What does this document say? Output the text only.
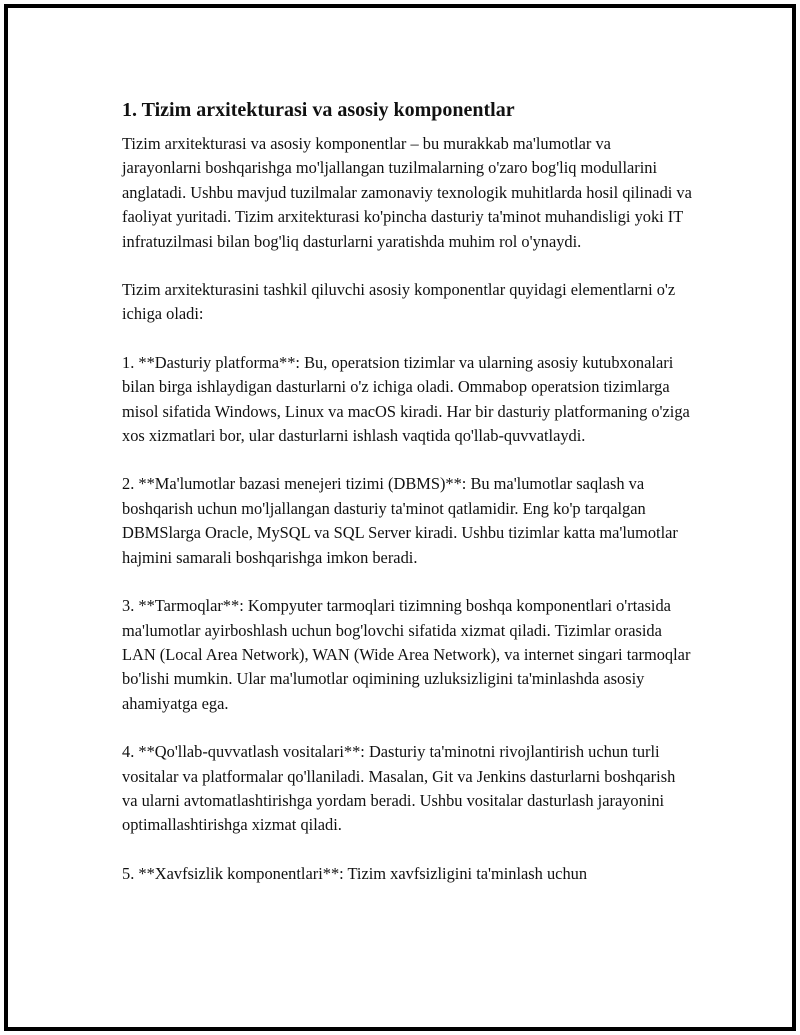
1. Tizim arxitekturasi va asosiy komponentlar

Tizim arxitekturasi va asosiy komponentlar – bu murakkab ma'lumotlar va jarayonlarni boshqarishga mo'ljallangan tuzilmalarning o'zaro bog'liq modullarini anglatadi. Ushbu mavjud tuzilmalar zamonaviy texnologik muhitlarda hosil qilinadi va faoliyat yuritadi. Tizim arxitekturasi ko'pincha dasturiy ta'minot muhandisligi yoki IT infratuzilmasi bilan bog'liq dasturlarni yaratishda muhim rol o'ynaydi.

Tizim arxitekturasini tashkil qiluvchi asosiy komponentlar quyidagi elementlarni o'z ichiga oladi:

1. **Dasturiy platforma**: Bu, operatsion tizimlar va ularning asosiy kutubxonalari bilan birga ishlaydigan dasturlarni o'z ichiga oladi. Ommabop operatsion tizimlarga misol sifatida Windows, Linux va macOS kiradi. Har bir dasturiy platformaning o'ziga xos xizmatlari bor, ular dasturlarni ishlash vaqtida qo'llab-quvvatlaydi.

2. **Ma'lumotlar bazasi menejeri tizimi (DBMS)**: Bu ma'lumotlar saqlash va boshqarish uchun mo'ljallangan dasturiy ta'minot qatlamidir. Eng ko'p tarqalgan DBMSlarga Oracle, MySQL va SQL Server kiradi. Ushbu tizimlar katta ma'lumotlar hajmini samarali boshqarishga imkon beradi.

3. **Tarmoqlar**: Kompyuter tarmoqlari tizimning boshqa komponentlari o'rtasida ma'lumotlar ayirboshlash uchun bog'lovchi sifatida xizmat qiladi. Tizimlar orasida LAN (Local Area Network), WAN (Wide Area Network), va internet singari tarmoqlar bo'lishi mumkin. Ular ma'lumotlar oqimining uzluksizligini ta'minlashda asosiy ahamiyatga ega.

4. **Qo'llab-quvvatlash vositalari**: Dasturiy ta'minotni rivojlantirish uchun turli vositalar va platformalar qo'llaniladi. Masalan, Git va Jenkins dasturlarni boshqarish va ularni avtomatlashtirishga yordam beradi. Ushbu vositalar dasturlash jarayonini optimallashtirishga xizmat qiladi.

5. **Xavfsizlik komponentlari**: Tizim xavfsizligini ta'minlash uchun
